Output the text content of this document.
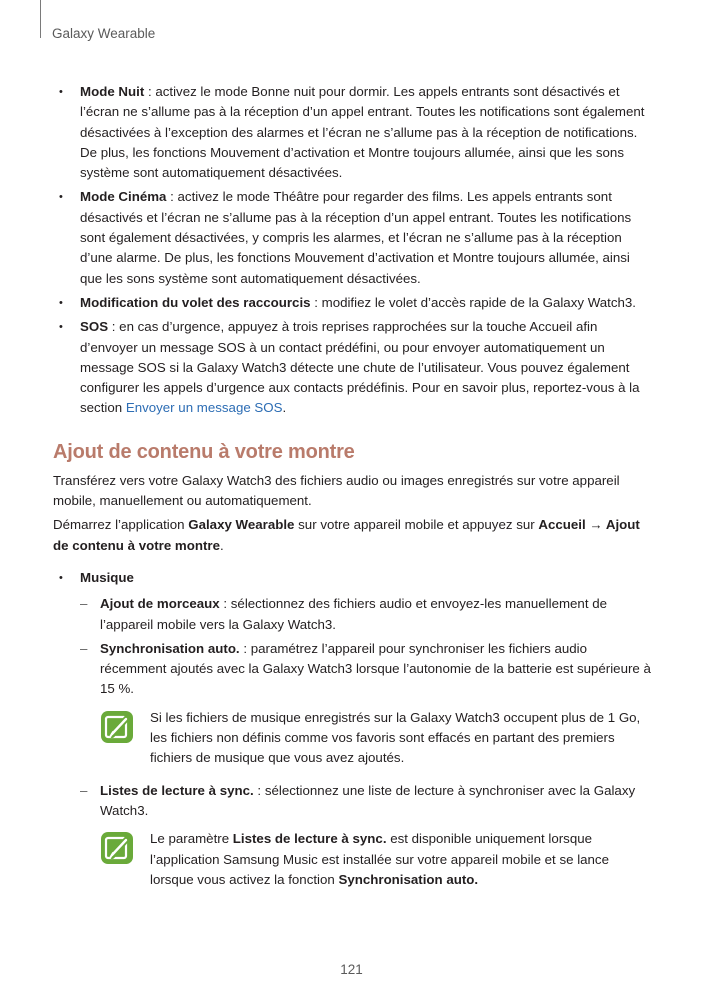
Galaxy Wearable
• Mode Nuit : activez le mode Bonne nuit pour dormir. Les appels entrants sont désactivés et l’écran ne s’allume pas à la réception d’un appel entrant. Toutes les notifications sont également désactivées à l’exception des alarmes et l’écran ne s’allume pas à la réception de notifications. De plus, les fonctions Mouvement d’activation et Montre toujours allumée, ainsi que les sons système sont automatiquement désactivées.
• Mode Cinéma : activez le mode Théâtre pour regarder des films. Les appels entrants sont désactivés et l’écran ne s’allume pas à la réception d’un appel entrant. Toutes les notifications sont également désactivées, y compris les alarmes, et l’écran ne s’allume pas à la réception d’une alarme. De plus, les fonctions Mouvement d’activation et Montre toujours allumée, ainsi que les sons système sont automatiquement désactivées.
• Modification du volet des raccourcis : modifiez le volet d’accès rapide de la Galaxy Watch3.
• SOS : en cas d’urgence, appuyez à trois reprises rapprochées sur la touche Accueil afin d’envoyer un message SOS à un contact prédéfini, ou pour envoyer automatiquement un message SOS si la Galaxy Watch3 détecte une chute de l’utilisateur. Vous pouvez également configurer les appels d’urgence aux contacts prédéfinis. Pour en savoir plus, reportez-vous à la section Envoyer un message SOS.
Ajout de contenu à votre montre

Transférez vers votre Galaxy Watch3 des fichiers audio ou images enregistrés sur votre appareil mobile, manuellement ou automatiquement.

Démarrez l’application Galaxy Wearable sur votre appareil mobile et appuyez sur Accueil → Ajout de contenu à votre montre.

• Musique
– Ajout de morceaux : sélectionnez des fichiers audio et envoyez-les manuellement de l’appareil mobile vers la Galaxy Watch3.
– Synchronisation auto. : paramétrez l’appareil pour synchroniser les fichiers audio récemment ajoutés avec la Galaxy Watch3 lorsque l’autonomie de la batterie est supérieure à 15 %.
Si les fichiers de musique enregistrés sur la Galaxy Watch3 occupent plus de 1 Go, les fichiers non définis comme vos favoris sont effacés en partant des premiers fichiers de musique que vous avez ajoutés.
– Listes de lecture à sync. : sélectionnez une liste de lecture à synchroniser avec la Galaxy Watch3.
Le paramètre Listes de lecture à sync. est disponible uniquement lorsque l’application Samsung Music est installée sur votre appareil mobile et se lance lorsque vous activez la fonction Synchronisation auto.
121
